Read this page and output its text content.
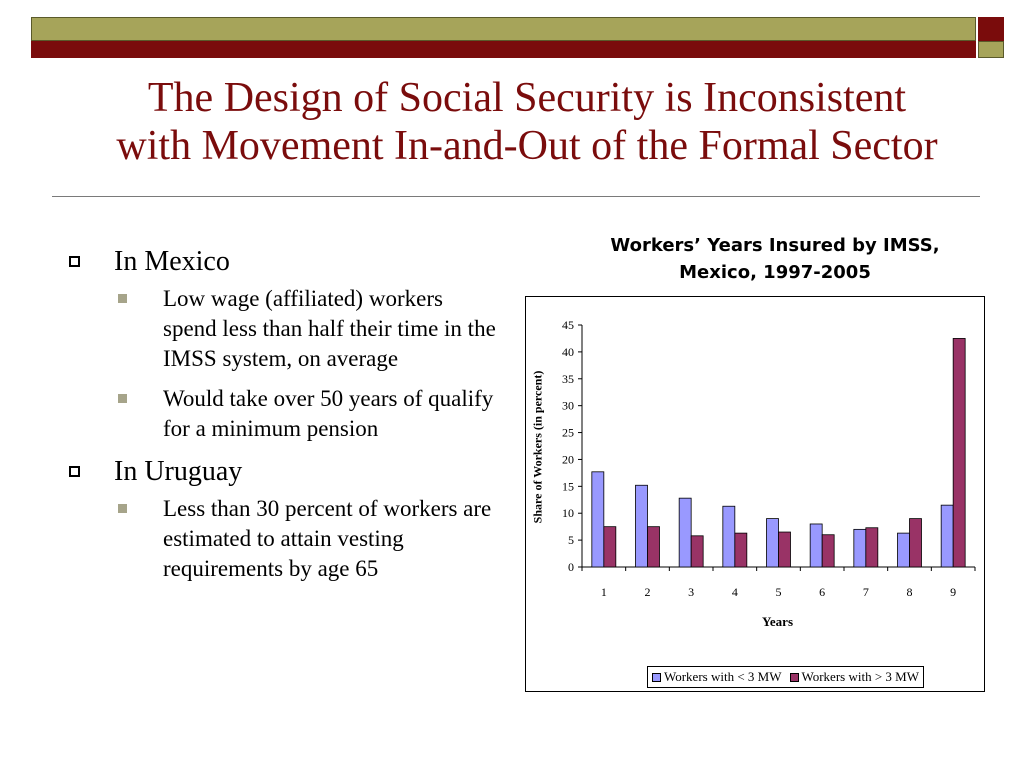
The Design of Social Security is Inconsistent
with Movement In-and-Out of the Formal Sector
In Mexico
Low wage (affiliated) workers spend less than half their time in the IMSS system, on average
Would take over 50 years of qualify for a minimum pension
In Uruguay
Less than 30 percent of workers are estimated to attain vesting requirements by age 65
Workers’ Years Insured by IMSS,
Mexico, 1997-2005
0
5
10
15
20
25
30
35
40
45
1	2	3	4	5	6	7	8	9
Share of Workers (in percent)
Years
Workers with < 3 MW Workers with > 3 MW
